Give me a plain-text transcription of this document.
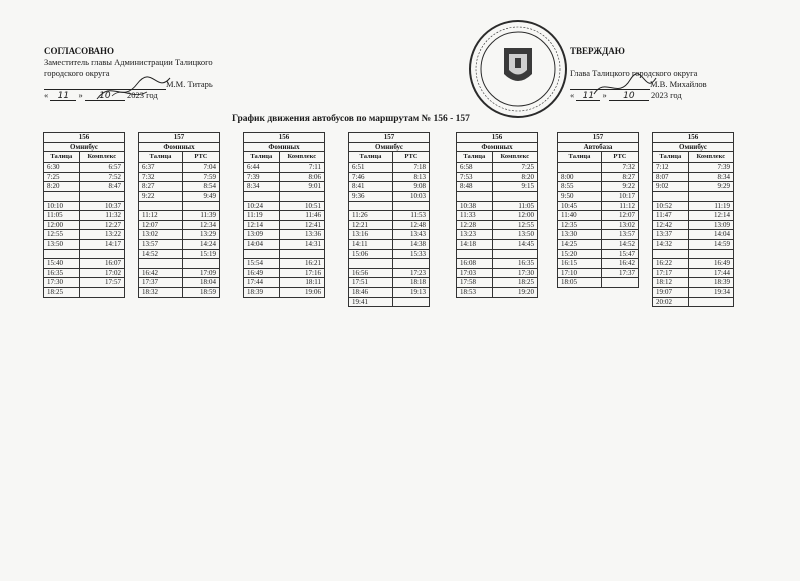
СОГЛАСОВАНО
Заместитель главы Администрации Талицкого
городского округа
М.М. Титарь
« 11 » 10 2023 год
ТВЕРЖДАЮ

Глава Талицкого городского округа
М.В. Михайлов
« 11 » 10 2023 год
График движения автобусов по маршрутам № 156 - 157
156	
Омнибус	
Талица	Комплекс
6:30	6:57
7:25	7:52
8:20	8:47

10:10	10:37
11:05	11:32
12:00	12:27
12:55	13:22
13:50	14:17

15:40	16:07
16:35	17:02
17:30	17:57
18:25	
157	
Фоминых	
Талица	РТС
6:37	7:04
7:32	7:59
8:27	8:54
9:22	9:49

11:12	11:39
12:07	12:34
13:02	13:29
13:57	14:24
14:52	15:19

16:42	17:09
17:37	18:04
18:32	18:59
156	
Фоминых	
Талица	Комплекс
6:44	7:11
7:39	8:06
8:34	9:01

10:24	10:51
11:19	11:46
12:14	12:41
13:09	13:36
14:04	14:31

15:54	16:21
16:49	17:16
17:44	18:11
18:39	19:06
157	
Омнибус	
Талица	РТС
6:51	7:18
7:46	8:13
8:41	9:08
9:36	10:03

11:26	11:53
12:21	12:48
13:16	13:43
14:11	14:38
15:06	15:33

16:56	17:23
17:51	18:18
18:46	19:13
19:41	
156	
Фоминых	
Талица	Комплекс
6:58	7:25
7:53	8:20
8:48	9:15

10:38	11:05
11:33	12:00
12:28	12:55
13:23	13:50
14:18	14:45

16:08	16:35
17:03	17:30
17:58	18:25
18:53	19:20
157	
Автобаза	
Талица	РТС
	7:32
8:00	8:27
8:55	9:22
9:50	10:17
10:45	11:12
11:40	12:07
12:35	13:02
13:30	13:57
14:25	14:52
15:20	15:47
16:15	16:42
17:10	17:37
18:05	
156	
Омнибус	
Талица	Комплекс
7:12	7:39
8:07	8:34
9:02	9:29

10:52	11:19
11:47	12:14
12:42	13:09
13:37	14:04
14:32	14:59

16:22	16:49
17:17	17:44
18:12	18:39
19:07	19:34
20:02	
